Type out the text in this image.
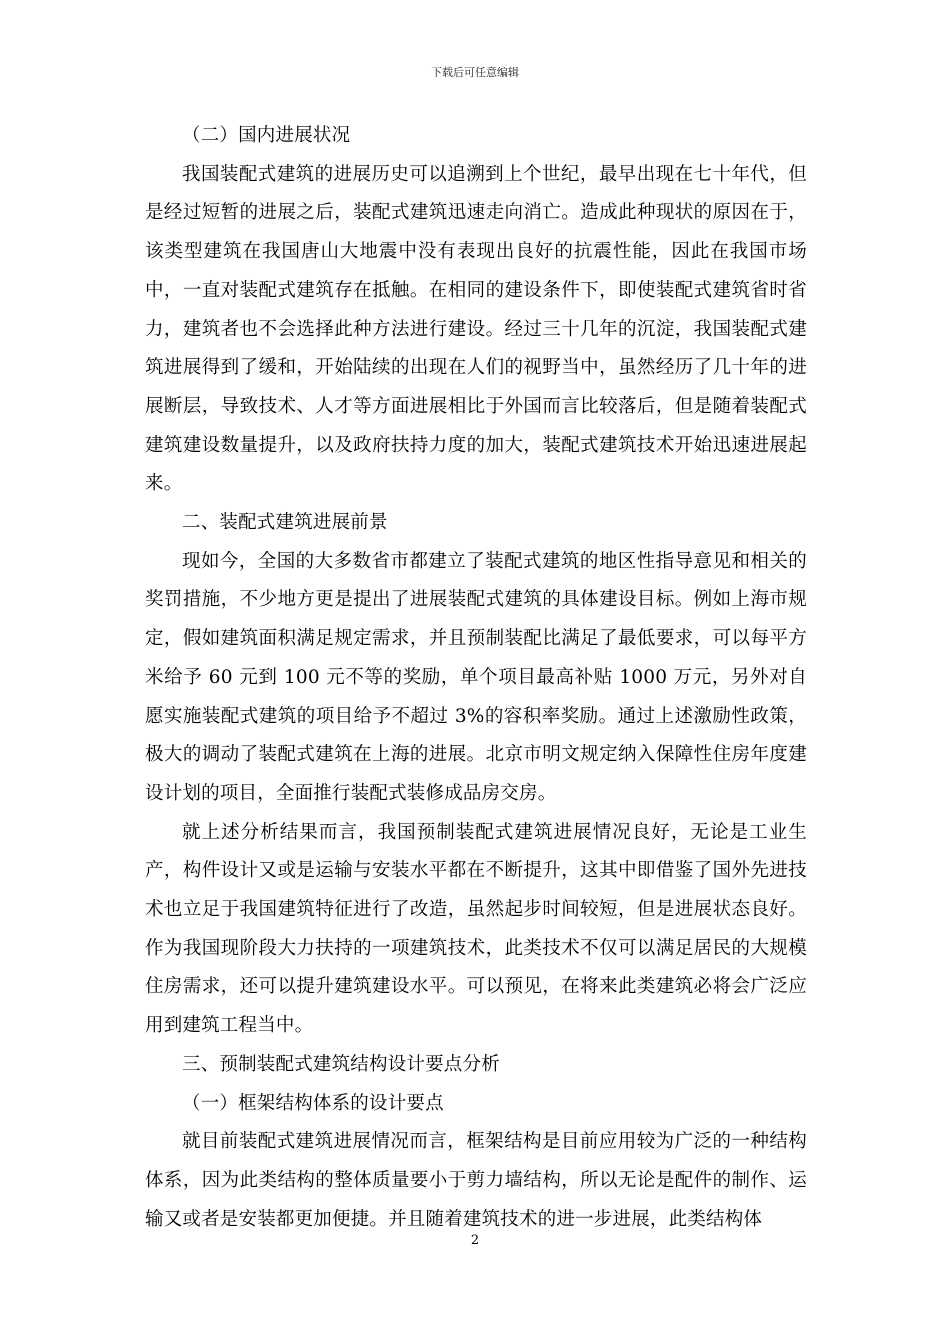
下载后可任意编辑

（二）国内进展状况

我国装配式建筑的进展历史可以追溯到上个世纪，最早出现在七十年代，但是经过短暂的进展之后，装配式建筑迅速走向消亡。造成此种现状的原因在于，该类型建筑在我国唐山大地震中没有表现出良好的抗震性能，因此在我国市场中，一直对装配式建筑存在抵触。在相同的建设条件下，即使装配式建筑省时省力，建筑者也不会选择此种方法进行建设。经过三十几年的沉淀，我国装配式建筑进展得到了缓和，开始陆续的出现在人们的视野当中，虽然经历了几十年的进展断层，导致技术、人才等方面进展相比于外国而言比较落后，但是随着装配式建筑建设数量提升，以及政府扶持力度的加大，装配式建筑技术开始迅速进展起来。

二、装配式建筑进展前景

现如今，全国的大多数省市都建立了装配式建筑的地区性指导意见和相关的奖罚措施，不少地方更是提出了进展装配式建筑的具体建设目标。例如上海市规定，假如建筑面积满足规定需求，并且预制装配比满足了最低要求，可以每平方米给予 60 元到 100 元不等的奖励，单个项目最高补贴 1000 万元，另外对自愿实施装配式建筑的项目给予不超过 3%的容积率奖励。通过上述激励性政策，极大的调动了装配式建筑在上海的进展。北京市明文规定纳入保障性住房年度建设计划的项目，全面推行装配式装修成品房交房。

就上述分析结果而言，我国预制装配式建筑进展情况良好，无论是工业生产，构件设计又或是运输与安装水平都在不断提升，这其中即借鉴了国外先进技术也立足于我国建筑特征进行了改造，虽然起步时间较短，但是进展状态良好。作为我国现阶段大力扶持的一项建筑技术，此类技术不仅可以满足居民的大规模住房需求，还可以提升建筑建设水平。可以预见，在将来此类建筑必将会广泛应用到建筑工程当中。

三、预制装配式建筑结构设计要点分析

（一）框架结构体系的设计要点

就目前装配式建筑进展情况而言，框架结构是目前应用较为广泛的一种结构体系，因为此类结构的整体质量要小于剪力墙结构，所以无论是配件的制作、运输又或者是安装都更加便捷。并且随着建筑技术的进一步进展，此类结构体

2
